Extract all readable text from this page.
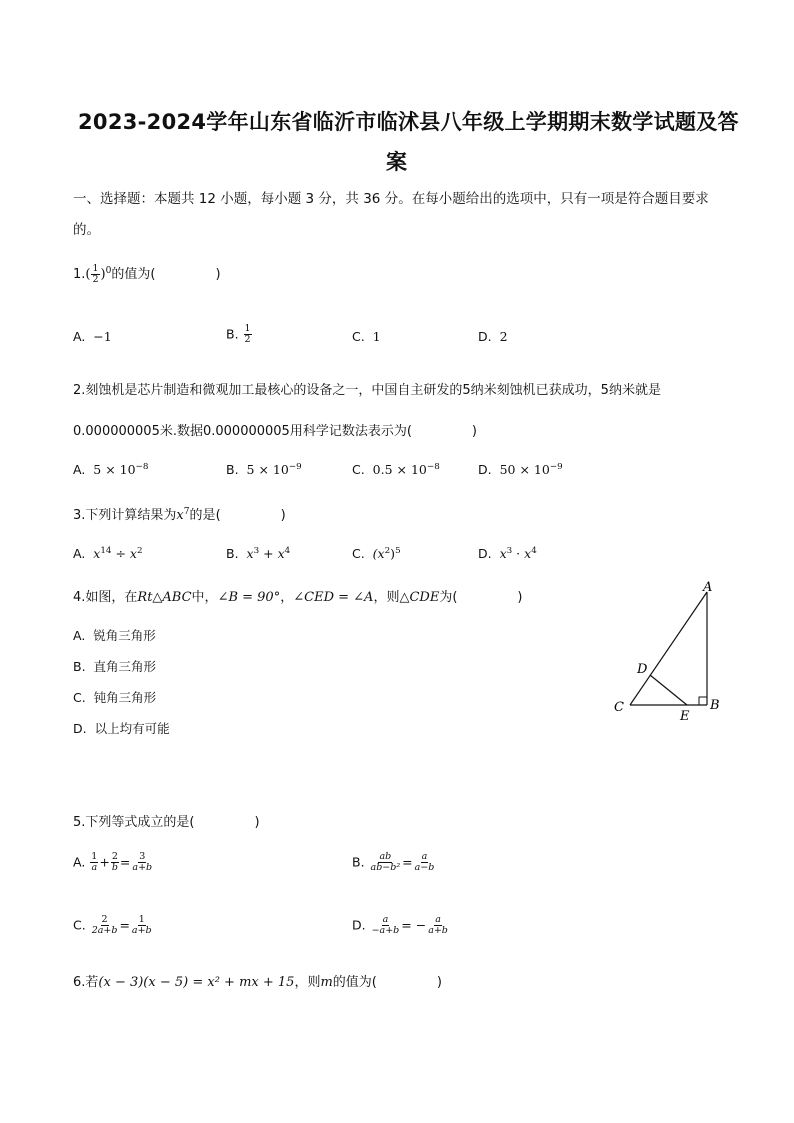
2023-2024学年山东省临沂市临沭县八年级上学期期末数学试题及答
案
一、选择题：本题共 12 小题，每小题 3 分，共 36 分。在每小题给出的选项中，只有一项是符合题目要求
的。
$1.( \frac{1}{2} )^0$的值为(	)
A. −1	B. $\frac{1}{2}$	C. 1	D. 2
2.刻蚀机是芯片制造和微观加工最核心的设备之一，中国自主研发的5纳米刻蚀机已获成功，5纳米就是
0.000000005米.数据0.000000005用科学记数法表示为(	)
A. $5 \times 10^{-8}$	B. $5 \times 10^{-9}$	C. $0.5 \times 10^{-8}$	D. $50 \times 10^{-9}$
3.下列计算结果为$x^7$的是(	)
A. $x^{14} \div x^2$	B. $x^3 + x^4$	C. $(x^2)^5$	D. $x^3 \cdot x^4$
4.如图，在Rt△ABC中，∠B = 90°，∠CED = ∠A，则△CDE为(	)
A. 锐角三角形
B. 直角三角形
C. 钝角三角形
D. 以上均有可能
A
B
C
D
E
5.下列等式成立的是(	)
A. $\frac{1}{a} + \frac{2}{b} = \frac{3}{a+b}$	B. $\frac{ab}{\text{ab−b²}} = \frac{a}{a-b}$
C. $\frac{2}{2a+b} = \frac{1}{a+b}$	D. $\frac{a}{-a+b}$ = − $\frac{a}{a+b}$
6.若(x − 3)(x − 5) = x² + mx + 15，则m的值为(	)
